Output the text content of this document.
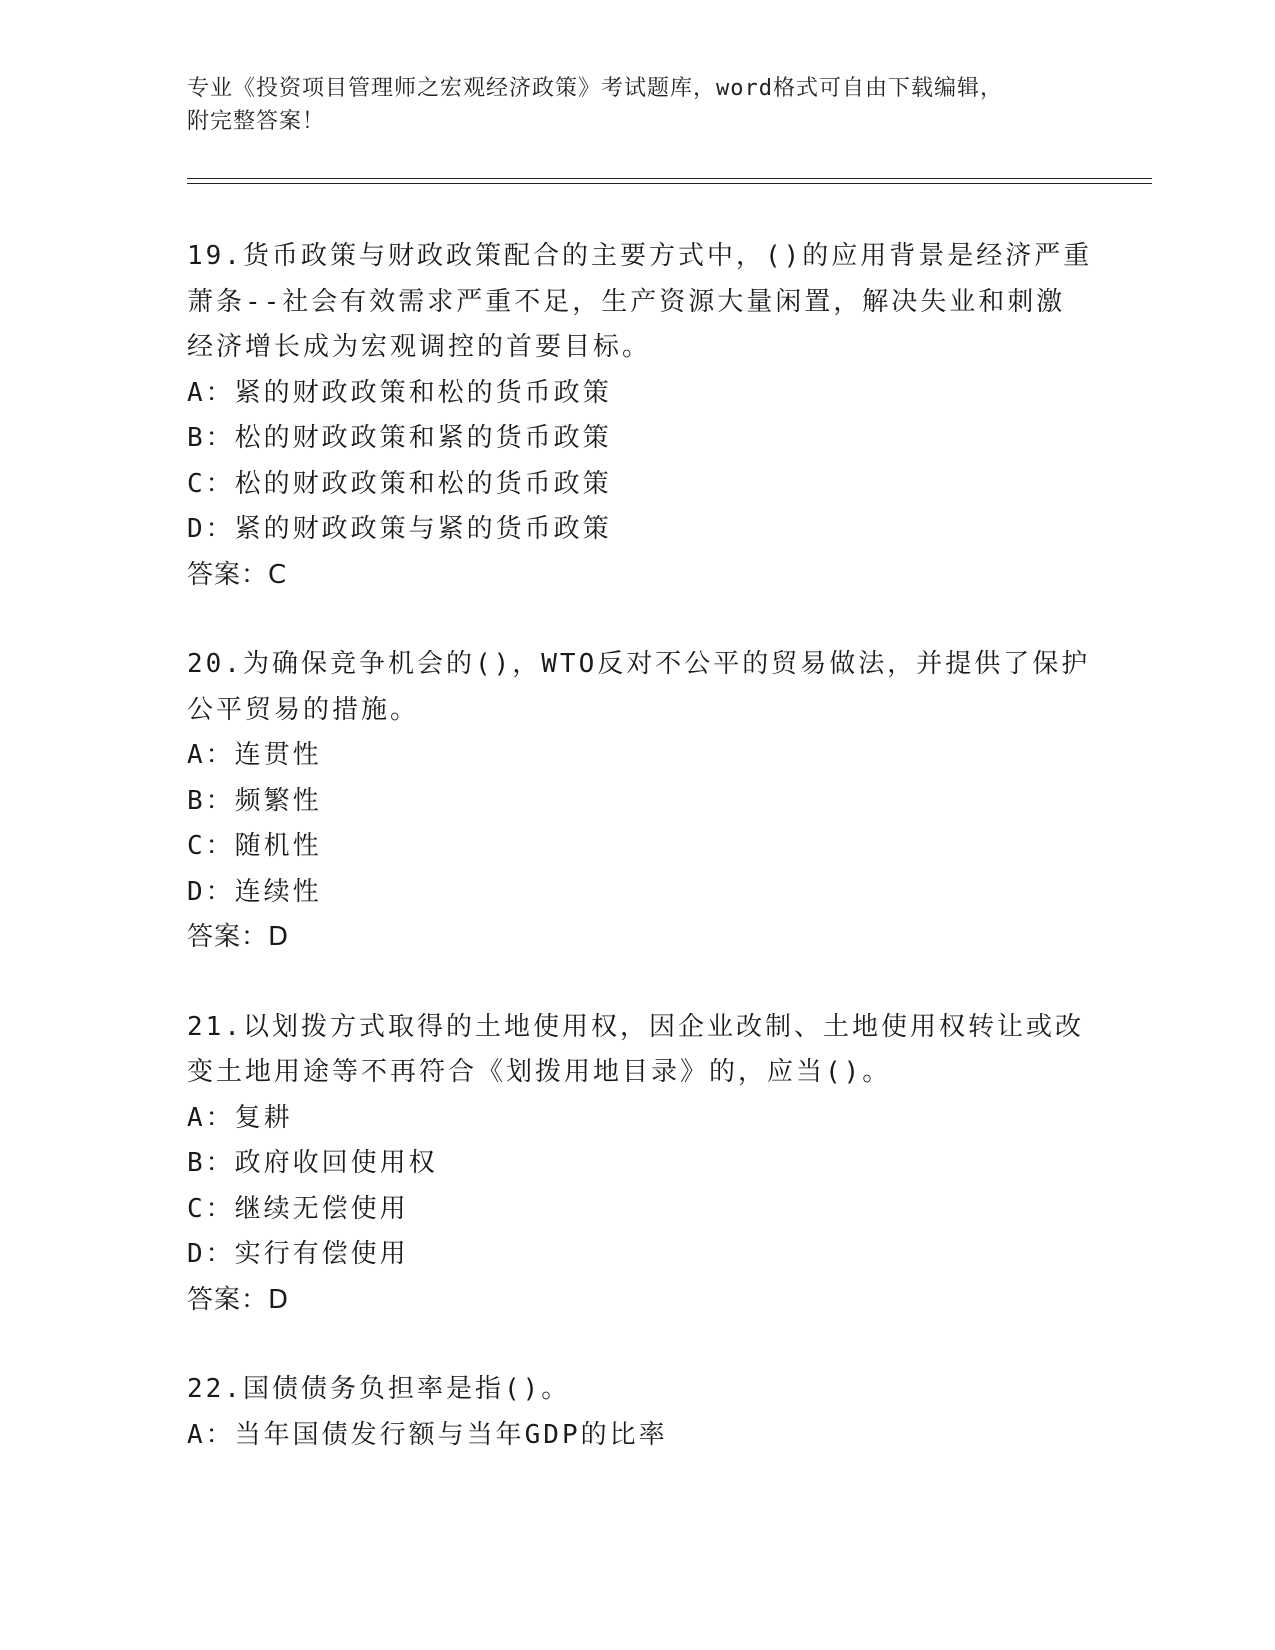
专业《投资项目管理师之宏观经济政策》考试题库，word格式可自由下载编辑，
附完整答案！
19.货币政策与财政政策配合的主要方式中，()的应用背景是经济严重
萧条--社会有效需求严重不足，生产资源大量闲置，解决失业和刺激
经济增长成为宏观调控的首要目标。
A：紧的财政政策和松的货币政策
B：松的财政政策和紧的货币政策
C：松的财政政策和松的货币政策
D：紧的财政政策与紧的货币政策
答案：C
20.为确保竞争机会的()，WTO反对不公平的贸易做法，并提供了保护
公平贸易的措施。
A：连贯性
B：频繁性
C：随机性
D：连续性
答案：D
21.以划拨方式取得的土地使用权，因企业改制、土地使用权转让或改
变土地用途等不再符合《划拨用地目录》的，应当()。
A：复耕
B：政府收回使用权
C：继续无偿使用
D：实行有偿使用
答案：D
22.国债债务负担率是指()。
A：当年国债发行额与当年GDP的比率
